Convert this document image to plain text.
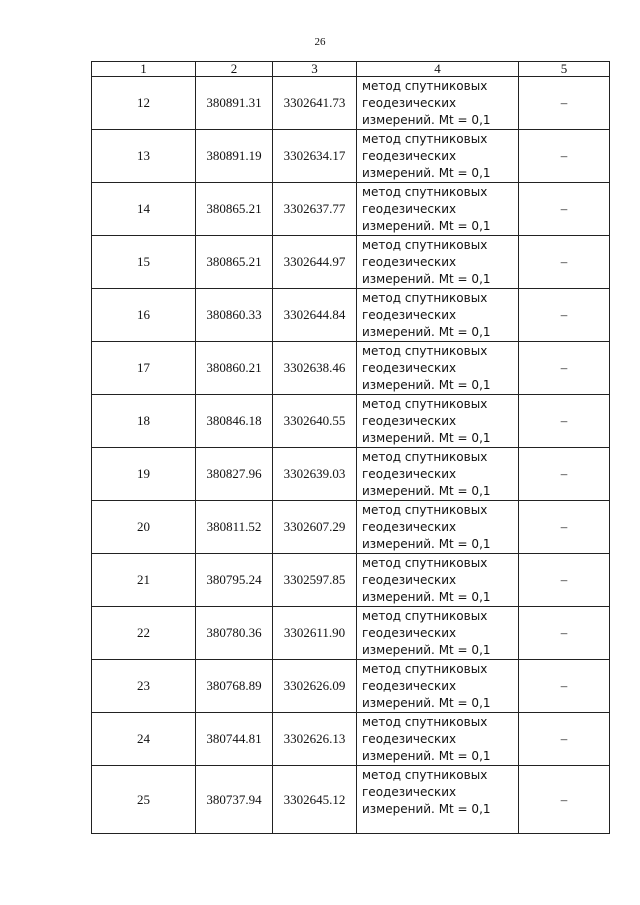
26
1	2	3	4	5
12	380891.31	3302641.73	метод спутниковых
геодезических
измерений. Mt = 0,1	–
13	380891.19	3302634.17	метод спутниковых
геодезических
измерений. Mt = 0,1	–
14	380865.21	3302637.77	метод спутниковых
геодезических
измерений. Mt = 0,1	–
15	380865.21	3302644.97	метод спутниковых
геодезических
измерений. Mt = 0,1	–
16	380860.33	3302644.84	метод спутниковых
геодезических
измерений. Mt = 0,1	–
17	380860.21	3302638.46	метод спутниковых
геодезических
измерений. Mt = 0,1	–
18	380846.18	3302640.55	метод спутниковых
геодезических
измерений. Mt = 0,1	–
19	380827.96	3302639.03	метод спутниковых
геодезических
измерений. Mt = 0,1	–
20	380811.52	3302607.29	метод спутниковых
геодезических
измерений. Mt = 0,1	–
21	380795.24	3302597.85	метод спутниковых
геодезических
измерений. Mt = 0,1	–
22	380780.36	3302611.90	метод спутниковых
геодезических
измерений. Mt = 0,1	–
23	380768.89	3302626.09	метод спутниковых
геодезических
измерений. Mt = 0,1	–
24	380744.81	3302626.13	метод спутниковых
геодезических
измерений. Mt = 0,1	–
25	380737.94	3302645.12	метод спутниковых
геодезических
измерений. Mt = 0,1	–
